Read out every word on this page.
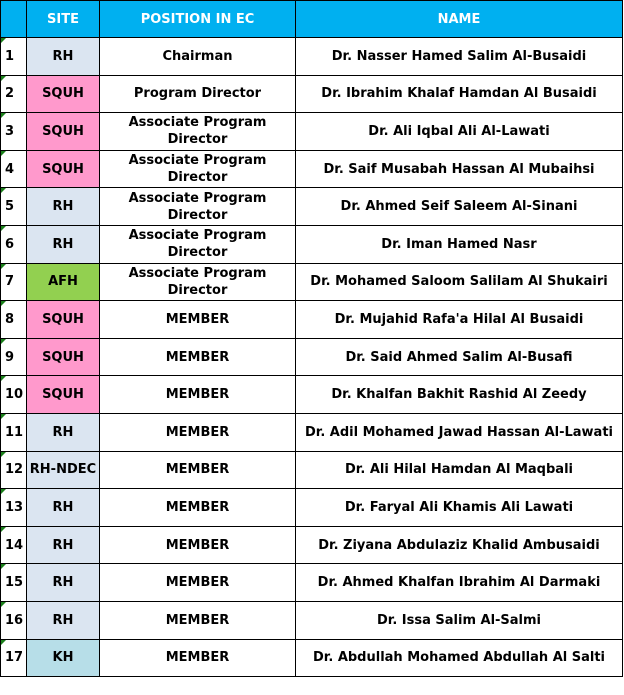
	SITE	POSITION IN EC	NAME
1	RH	Chairman	Dr. Nasser Hamed Salim Al-Busaidi
2	SQUH	Program Director	Dr. Ibrahim Khalaf Hamdan Al Busaidi
3	SQUH	Associate Program Director	Dr. Ali Iqbal Ali Al-Lawati
4	SQUH	Associate Program Director	Dr. Saif Musabah Hassan Al Mubaihsi
5	RH	Associate Program Director	Dr. Ahmed Seif Saleem Al-Sinani
6	RH	Associate Program Director	Dr. Iman Hamed Nasr
7	AFH	Associate Program Director	Dr. Mohamed Saloom Salilam Al Shukairi
8	SQUH	MEMBER	Dr. Mujahid Rafa'a Hilal Al Busaidi
9	SQUH	MEMBER	Dr. Said Ahmed Salim Al-Busafi
10	SQUH	MEMBER	Dr. Khalfan Bakhit Rashid Al Zeedy
11	RH	MEMBER	Dr. Adil Mohamed Jawad Hassan Al-Lawati
12	RH-NDEC	MEMBER	Dr. Ali Hilal Hamdan Al Maqbali
13	RH	MEMBER	Dr. Faryal Ali Khamis Ali Lawati
14	RH	MEMBER	Dr. Ziyana Abdulaziz Khalid Ambusaidi
15	RH	MEMBER	Dr. Ahmed Khalfan Ibrahim Al Darmaki
16	RH	MEMBER	Dr. Issa Salim Al-Salmi
17	KH	MEMBER	Dr. Abdullah Mohamed Abdullah Al Salti
